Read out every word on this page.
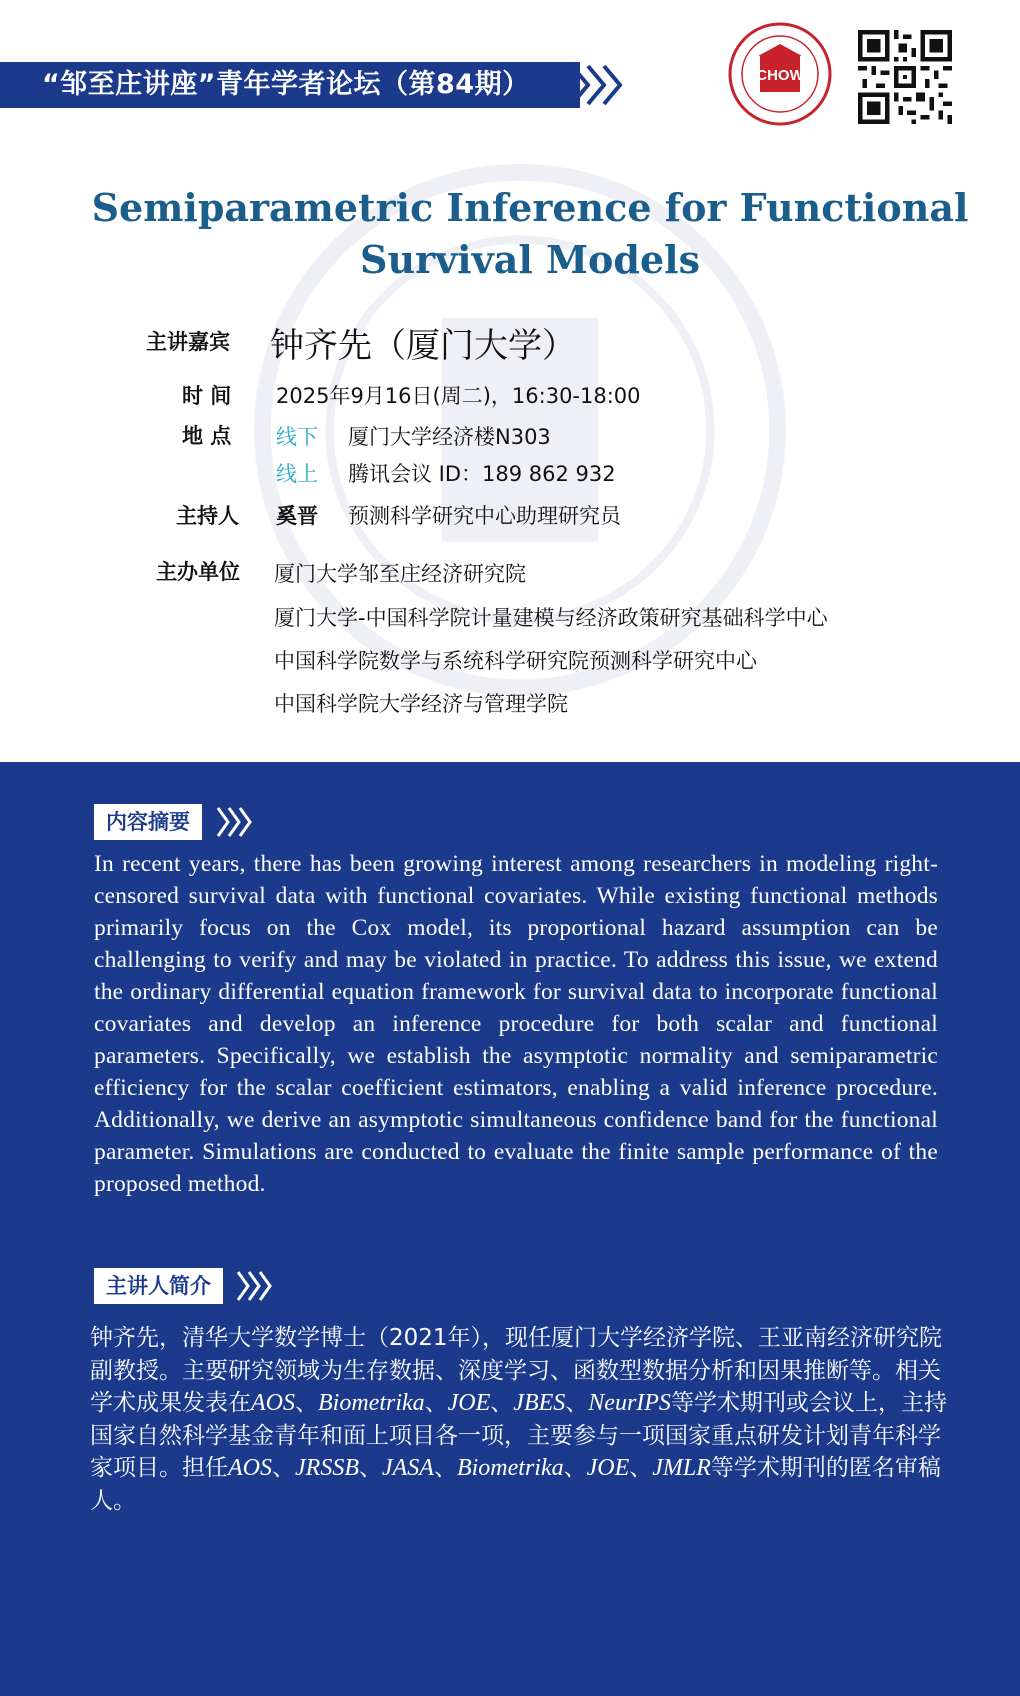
“邹至庄讲座”青年学者论坛（第84期）	CHOW
Semiparametric Inference for Functional
Survival Models
主讲嘉宾 钟齐先（厦门大学）
时 间 2025年9月16日(周二)，16:30-18:00
地 点 线下 厦门大学经济楼N303
线上 腾讯会议 ID：189 862 932
主持人 奚晋 预测科学研究中心助理研究员
主办单位 厦门大学邹至庄经济研究院
厦门大学-中国科学院计量建模与经济政策研究基础科学中心
中国科学院数学与系统科学研究院预测科学研究中心
中国科学院大学经济与管理学院
内容摘要
In recent years, there has been growing interest among researchers in modeling right-censored survival data with functional covariates. While existing functional methods primarily focus on the Cox model, its proportional hazard assumption can be challenging to verify and may be violated in practice. To address this issue, we extend the ordinary differential equation framework for survival data to incorporate functional covariates and develop an inference procedure for both scalar and functional parameters. Specifically, we establish the asymptotic normality and semiparametric efficiency for the scalar coefficient estimators, enabling a valid inference procedure. Additionally, we derive an asymptotic simultaneous confidence band for the functional parameter. Simulations are conducted to evaluate the finite sample performance of the proposed method.
主讲人简介
钟齐先，清华大学数学博士（2021年），现任厦门大学经济学院、王亚南经济研究院副教授。主要研究领域为生存数据、深度学习、函数型数据分析和因果推断等。相关学术成果发表在AOS、Biometrika、JOE、JBES、NeurIPS等学术期刊或会议上，主持国家自然科学基金青年和面上项目各一项，主要参与一项国家重点研发计划青年科学家项目。担任AOS、JRSSB、JASA、Biometrika、JOE、JMLR等学术期刊的匿名审稿人。
